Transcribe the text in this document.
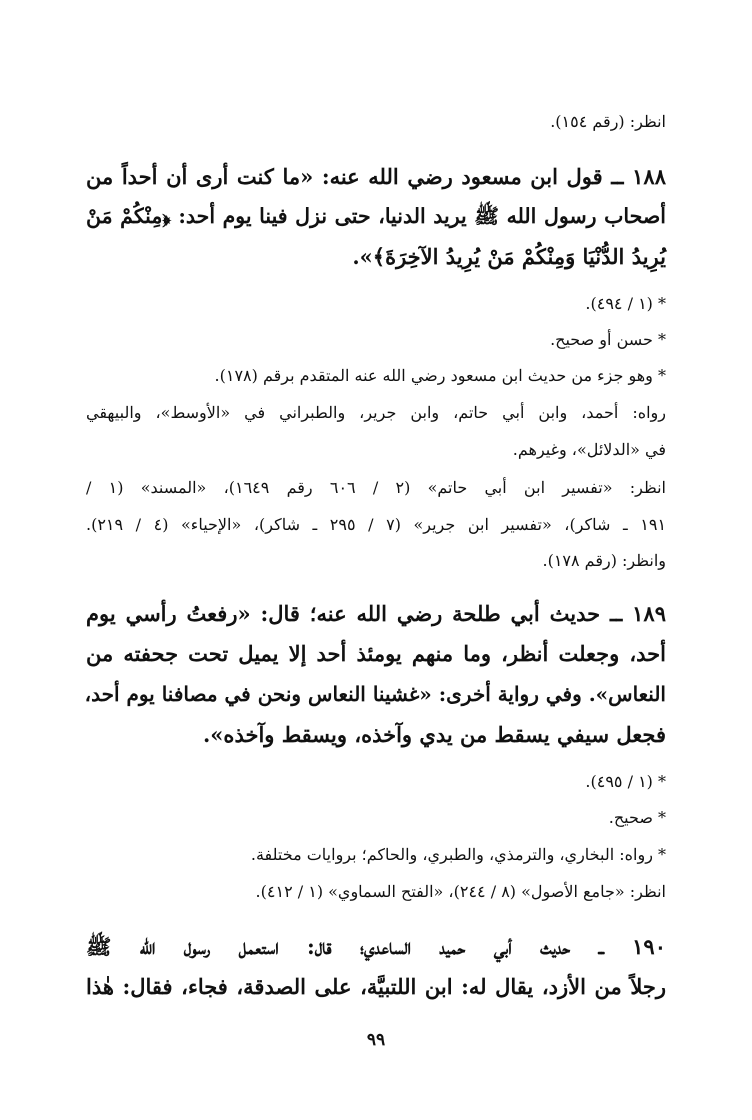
انظر: (رقم ١٥٤).
١٨٨ ــ قول ابن مسعود رضي الله عنه: «ما كنت أرى أن أحداً من
أصحاب رسول الله ﷺ يريد الدنيا، حتى نزل فينا يوم أحد: ﴿مِنْكُمْ مَنْ
يُرِيدُ الدُّنْيَا وَمِنْكُمْ مَنْ يُرِيدُ الآخِرَةَ﴾».
* (١ / ٤٩٤).
* حسن أو صحيح.
* وهو جزء من حديث ابن مسعود رضي الله عنه المتقدم برقم (١٧٨).
رواه: أحمد، وابن أبي حاتم، وابن جرير، والطبراني في «الأوسط»، والبيهقي
في «الدلائل»، وغيرهم.
انظر: «تفسير ابن أبي حاتم» (٢ / ٦٠٦ رقم ١٦٤٩)، «المسند» (١ /
١٩١ ـ شاكر)، «تفسير ابن جرير» (٧ / ٢٩٥ ـ شاكر)، «الإحياء» (٤ / ٢١٩).
وانظر: (رقم ١٧٨).
١٨٩ ــ حديث أبي طلحة رضي الله عنه؛ قال: «رفعتُ رأسي يوم
أحد، وجعلت أنظر، وما منهم يومئذ أحد إلا يميل تحت جحفته من
النعاس». وفي رواية أخرى: «غشينا النعاس ونحن في مصافنا يوم أحد،
فجعل سيفي يسقط من يدي وآخذه، ويسقط وآخذه».
* (١ / ٤٩٥).
* صحيح.
* رواه: البخاري، والترمذي، والطبري، والحاكم؛ بروايات مختلفة.
انظر: «جامع الأصول» (٨ / ٢٤٤)، «الفتح السماوي» (١ / ٤١٢).
١٩٠ ــ حديث أبي حميد الساعدي؛ قال: استعمل رسول الله ﷺ
رجلاً من الأزد، يقال له: ابن اللتبيَّة، على الصدقة، فجاء، فقال: هٰذا
٩٩
